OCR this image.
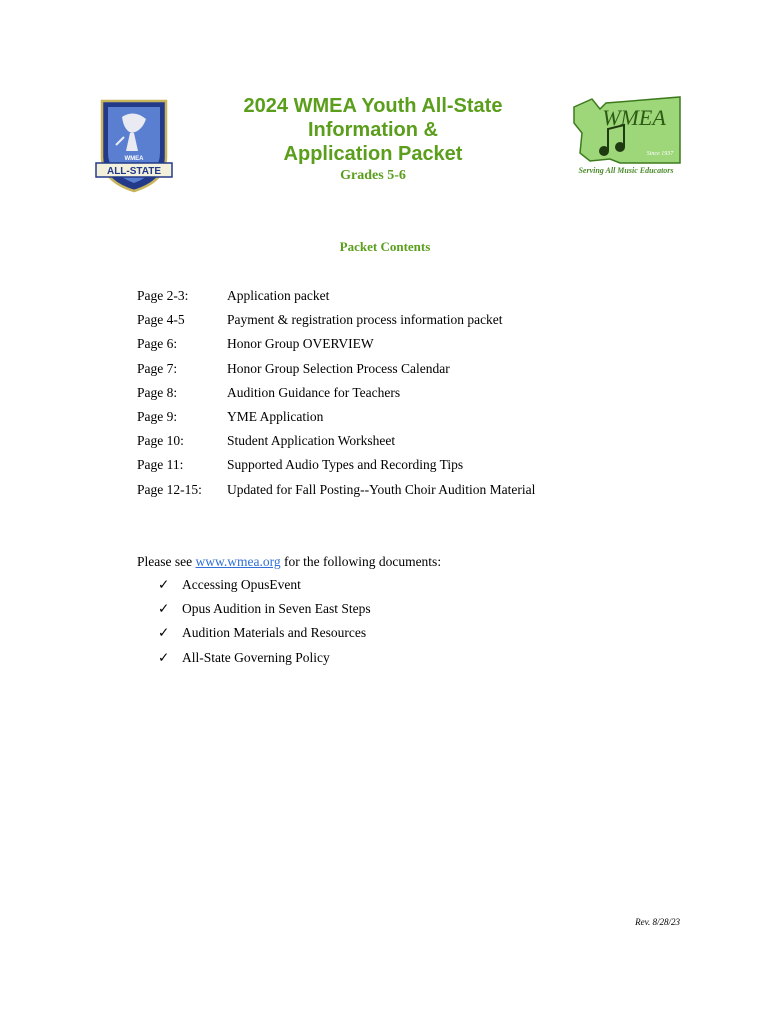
WMEA
ALL-STATE
2024 WMEA Youth All-State
Information &
Application Packet
Grades 5-6
WMEA
Since 1937
Serving All Music Educators
Packet Contents
Page 2-3:	Application packet
Page 4-5	Payment & registration process information packet
Page 6:	Honor Group OVERVIEW
Page 7:	Honor Group Selection Process Calendar
Page 8:	Audition Guidance for Teachers
Page 9:	YME Application
Page 10:	Student Application Worksheet
Page 11:	Supported Audio Types and Recording Tips
Page 12-15:	Updated for Fall Posting--Youth Choir Audition Material
Please see www.wmea.org for the following documents:
✓ Accessing OpusEvent
✓ Opus Audition in Seven East Steps
✓ Audition Materials and Resources
✓ All-State Governing Policy
Rev. 8/28/23
